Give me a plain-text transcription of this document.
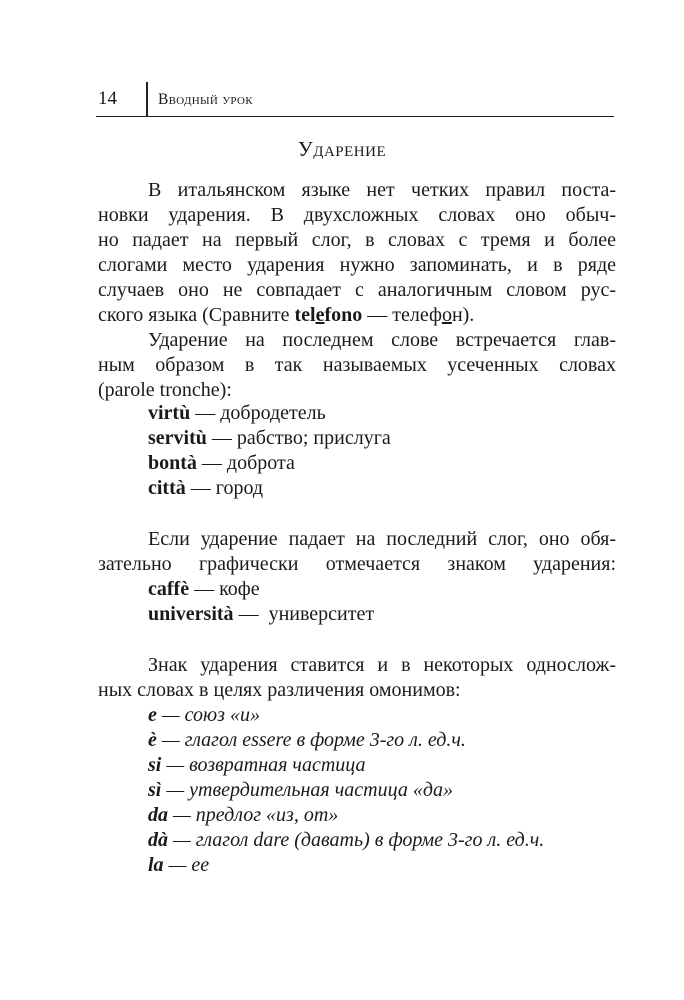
14	Вводный урок
Ударение
В итальянском языке нет четких правил поста-
новки ударения. В двухсложных словах оно обыч-
но падает на первый слог, в словах с тремя и более
слогами место ударения нужно запоминать, и в ряде
случаев оно не совпадает с аналогичным словом рус-
ского языка (Сравните telefono — телефон).
Ударение на последнем слове встречается глав-
ным образом в так называемых усеченных словах
(parole tronche):
virtù — добродетель
servitù — рабство; прислуга
bontà — доброта
città — город
Если ударение падает на последний слог, оно обя-
зательно графически отмечается знаком ударения:
caffè — кофе
università —  университет
Знак ударения ставится и в некоторых однослож-
ных словах в целях различения омонимов:
e — союз «и»
è — глагол essere в форме 3-го л. ед.ч.
si — возвратная частица
sì — утвердительная частица «да»
da — предлог «из, от»
dà — глагол dare (давать) в форме 3-го л. ед.ч.
la — ее
